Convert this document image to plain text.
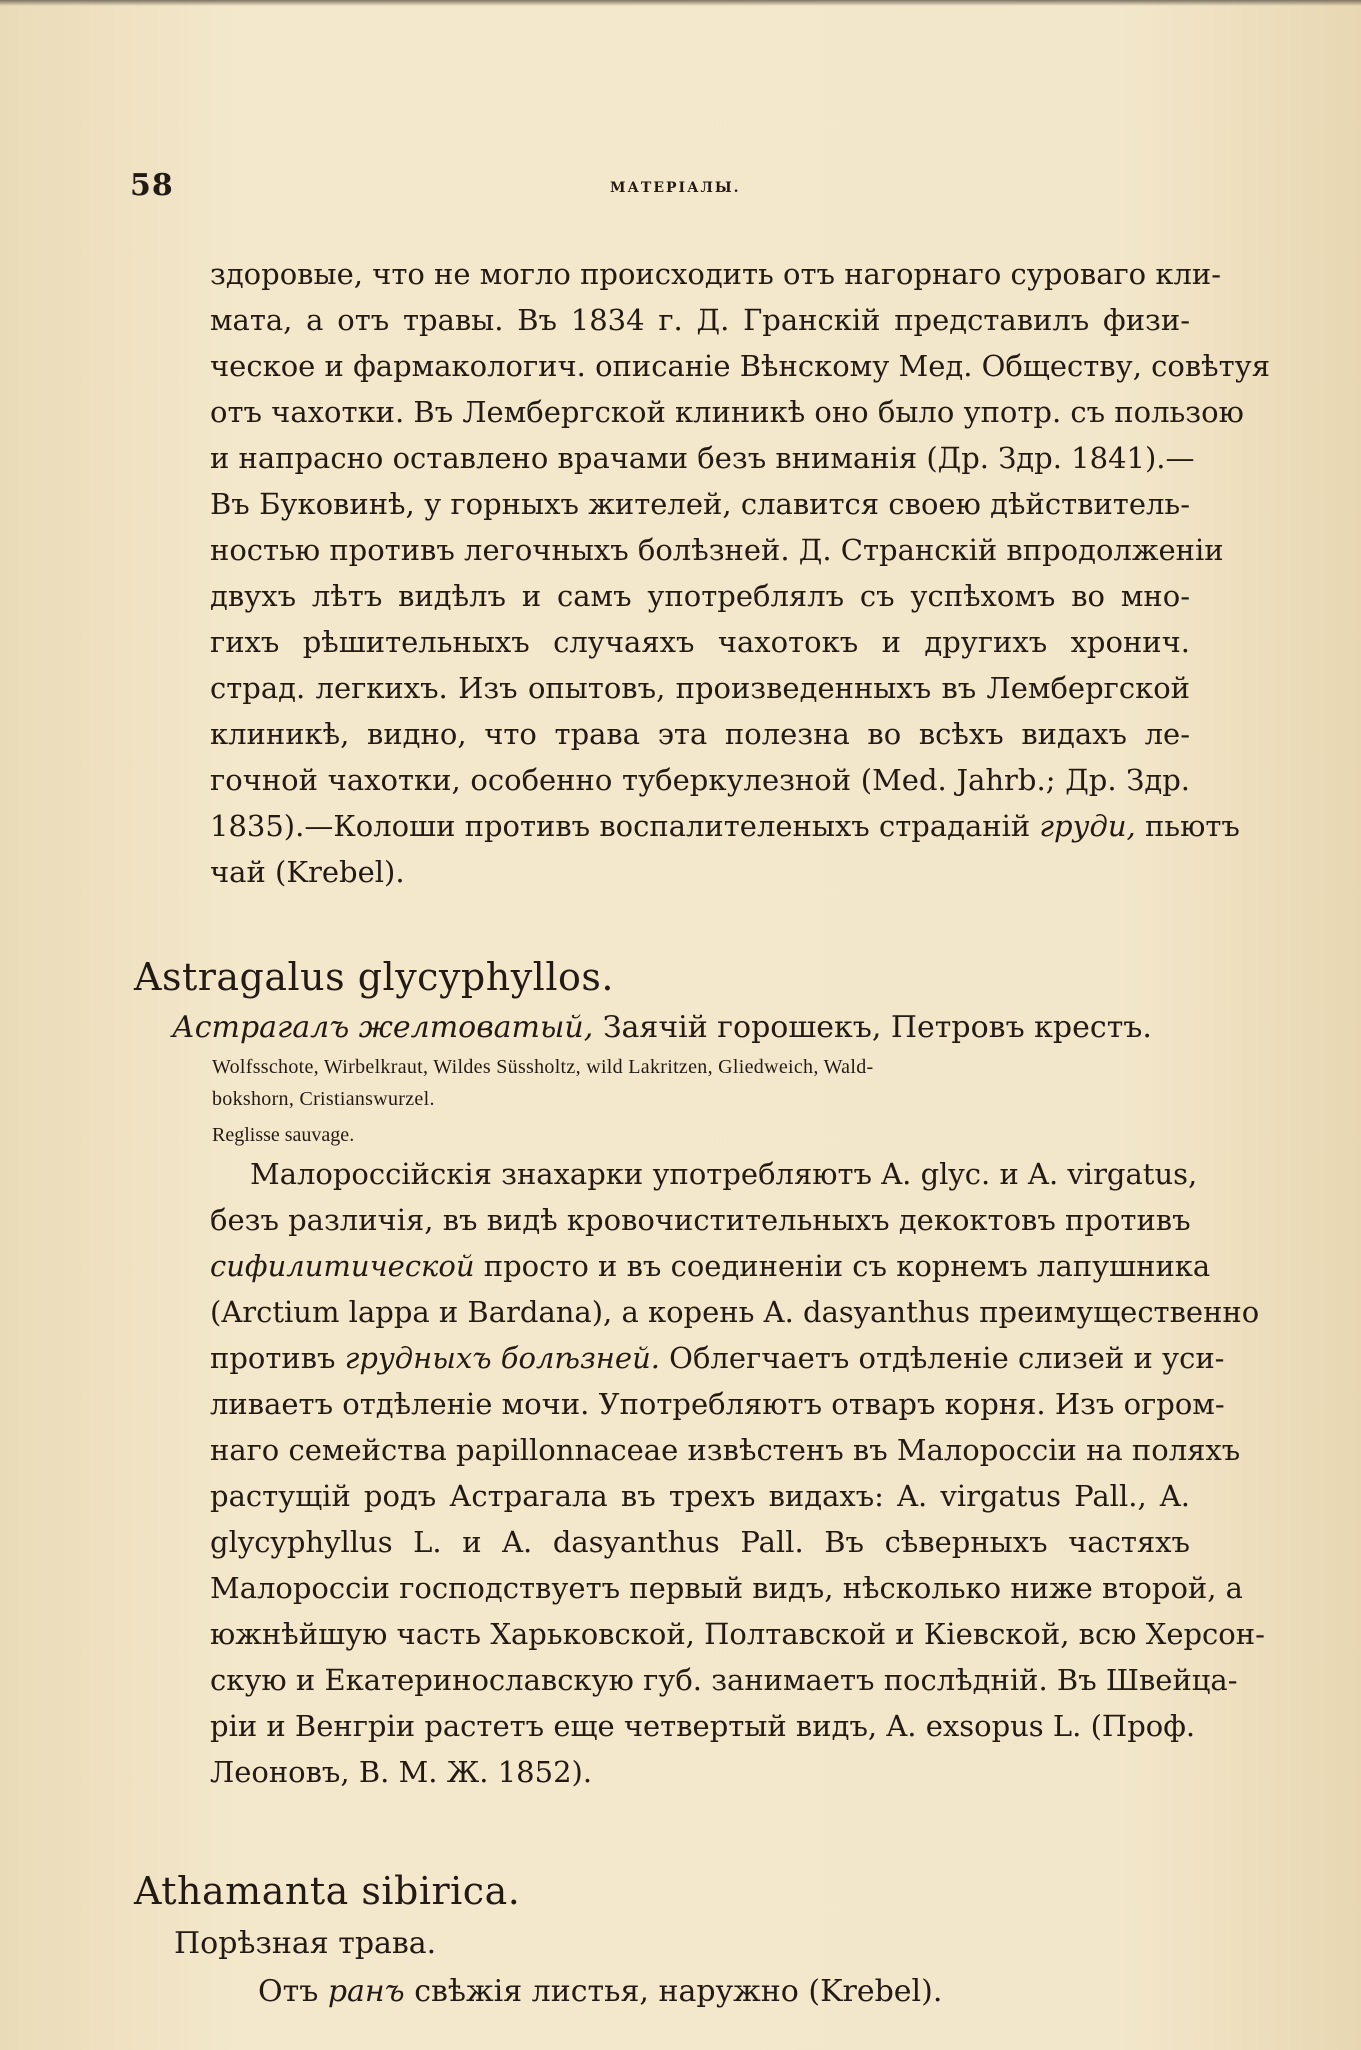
58	МАТЕРIАЛЫ.
здоровые, что не могло происходить отъ нагорнаго суроваго кли-
мата, а отъ травы. Въ 1834 г. Д. Гранскiй представилъ физи-
ческое и фармакологич. описанiе Вѣнскому Мед. Обществу, совѣтуя
отъ чахотки. Въ Лембергской клиникѣ оно было употр. съ пользою
и напрасно оставлено врачами безъ вниманiя (Др. Здр. 1841).—
Въ Буковинѣ, у горныхъ жителей, славится своею дѣйствитель-
ностью противъ легочныхъ болѣзней. Д. Странскiй впродолженiи
двухъ лѣтъ видѣлъ и самъ употреблялъ съ успѣхомъ во мно-
гихъ рѣшительныхъ случаяхъ чахотокъ и другихъ хронич.
страд. легкихъ. Изъ опытовъ, произведенныхъ въ Лембергской
клиникѣ, видно, что трава эта полезна во всѣхъ видахъ ле-
гочной чахотки, особенно туберкулезной (Med. Jahrb.; Др. Здр.
1835).—Колоши противъ воспалителеныхъ страданiй груди, пьютъ
чай (Krebel).
Astragalus glycyphyllos.
Астрагалъ желтоватый, Заячiй горошекъ, Петровъ крестъ.
Wolfsschote, Wirbelkraut, Wildes Süssholtz, wild Lakritzen, Gliedweich, Wald-
bokshorn, Cristianswurzel.
Reglisse sauvage.
Малороссiйскiя знахарки употребляютъ A. glyc. и A. virgatus,
безъ различiя, въ видѣ кровочистительныхъ декоктовъ противъ
сифилитической просто и въ соединенiи съ корнемъ лапушника
(Arctium lappa и Bardana), а корень A. dasyanthus преимущественно
противъ грудныхъ болѣзней. Облегчаетъ отдѣленiе слизей и уси-
ливаетъ отдѣленiе мочи. Употребляютъ отваръ корня. Изъ огром-
наго семейства papillonnaceae извѣстенъ въ Малороссiи на поляхъ
растущiй родъ Астрагала въ трехъ видахъ: A. virgatus Pall., A.
glycyphyllus L. и A. dasyanthus Pall. Въ сѣверныхъ частяхъ
Малороссiи господствуетъ первый видъ, нѣсколько ниже второй, а
южнѣйшую часть Харьковской, Полтавской и Кiевской, всю Херсон-
скую и Екатеринославскую губ. занимаетъ послѣднiй. Въ Швейца-
рiи и Венгрiи растетъ еще четвертый видъ, A. exsopus L. (Проф.
Леоновъ, В. М. Ж. 1852).
Athamanta sibirica.
Порѣзная трава.
Отъ ранъ свѣжiя листья, наружно (Krebel).
